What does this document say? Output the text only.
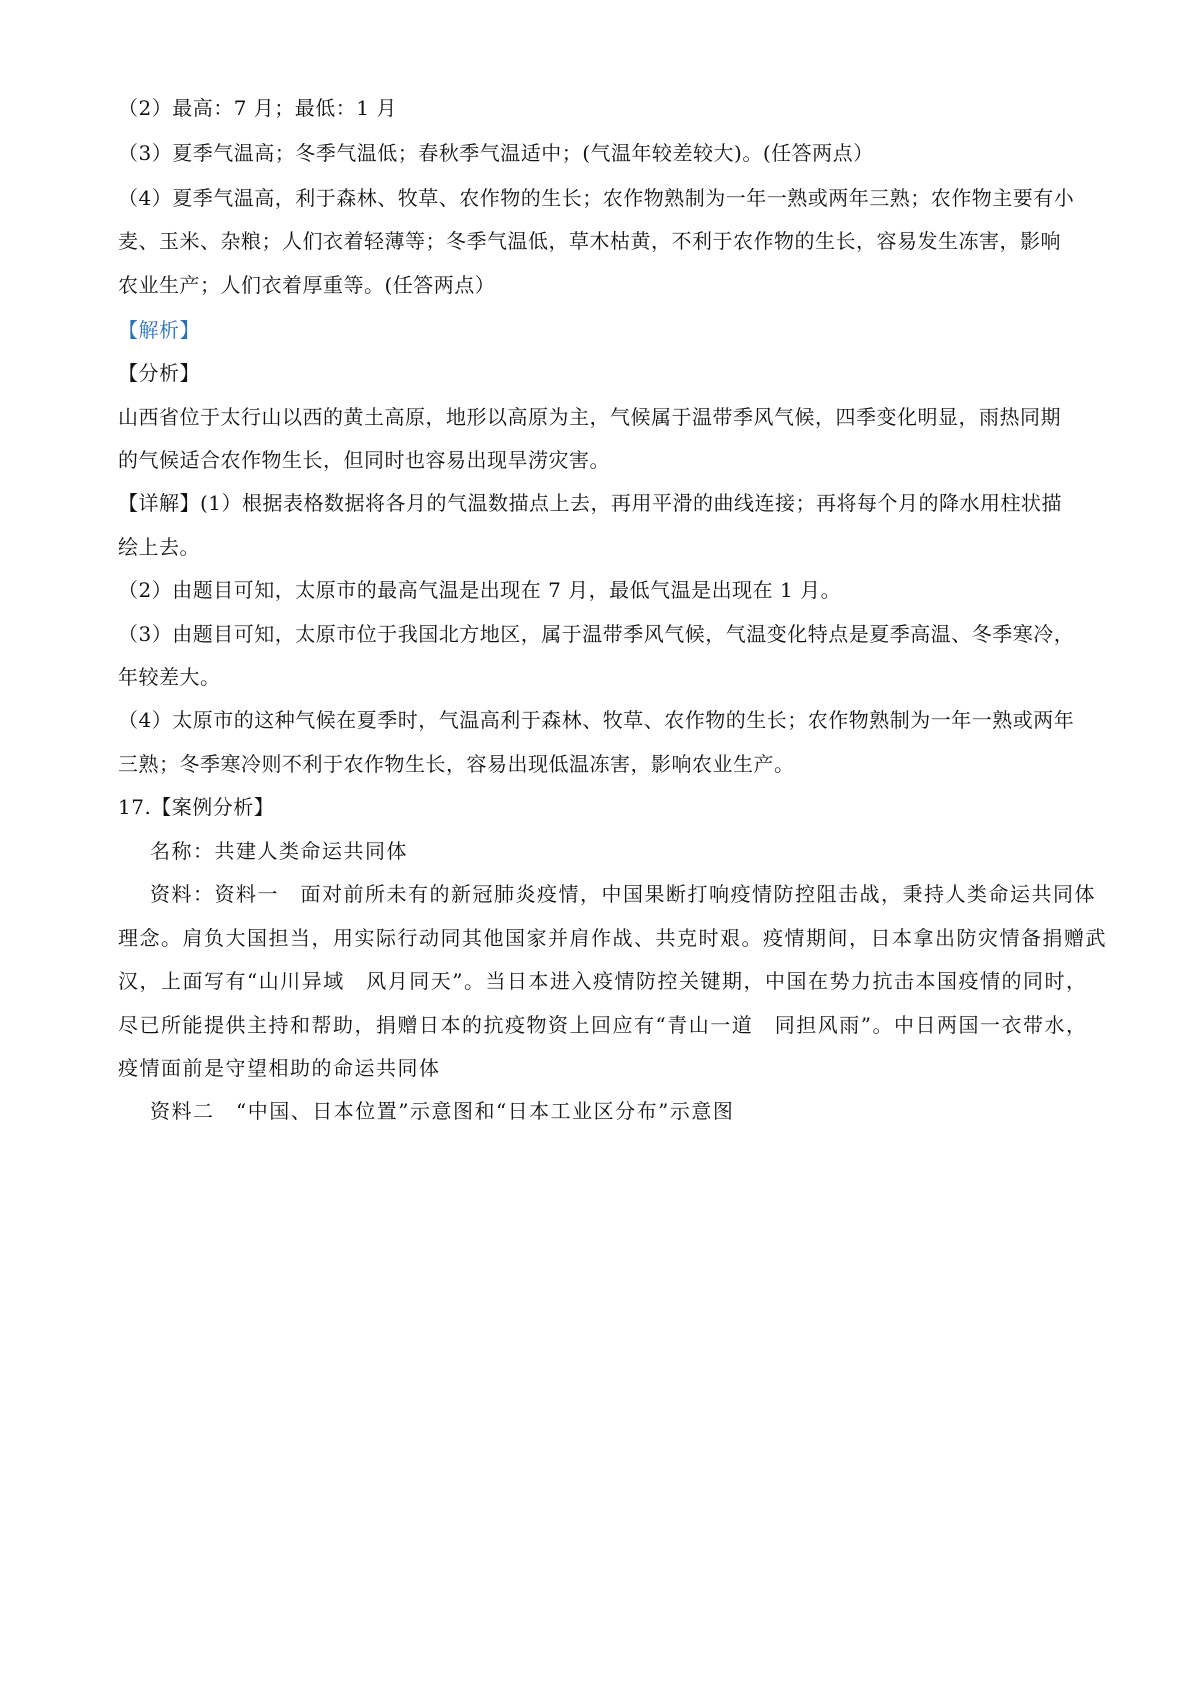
（2）最高：7 月；最低：1 月
（3）夏季气温高；冬季气温低；春秋季气温适中；(气温年较差较大)。(任答两点）
（4）夏季气温高，利于森林、牧草、农作物的生长；农作物熟制为一年一熟或两年三熟；农作物主要有小
麦、玉米、杂粮；人们衣着轻薄等；冬季气温低，草木枯黄，不利于农作物的生长，容易发生冻害，影响
农业生产；人们衣着厚重等。(任答两点）
【解析】
【分析】
山西省位于太行山以西的黄土高原，地形以高原为主，气候属于温带季风气候，四季变化明显，雨热同期
的气候适合农作物生长，但同时也容易出现旱涝灾害。
【详解】(1）根据表格数据将各月的气温数描点上去，再用平滑的曲线连接；再将每个月的降水用柱状描
绘上去。
（2）由题目可知，太原市的最高气温是出现在 7 月，最低气温是出现在 1 月。
（3）由题目可知，太原市位于我国北方地区，属于温带季风气候，气温变化特点是夏季高温、冬季寒冷，
年较差大。
（4）太原市的这种气候在夏季时，气温高利于森林、牧草、农作物的生长；农作物熟制为一年一熟或两年
三熟；冬季寒冷则不利于农作物生长，容易出现低温冻害，影响农业生产。
17.【案例分析】
名称：共建人类命运共同体
资料：资料一　面对前所未有的新冠肺炎疫情，中国果断打响疫情防控阻击战，秉持人类命运共同体
理念。肩负大国担当，用实际行动同其他国家并肩作战、共克时艰。疫情期间，日本拿出防灾情备捐赠武
汉，上面写有“山川异域　风月同天”。当日本进入疫情防控关键期，中国在势力抗击本国疫情的同时，
尽已所能提供主持和帮助，捐赠日本的抗疫物资上回应有“青山一道　同担风雨”。中日两国一衣带水，
疫情面前是守望相助的命运共同体
资料二　“中国、日本位置”示意图和“日本工业区分布”示意图
